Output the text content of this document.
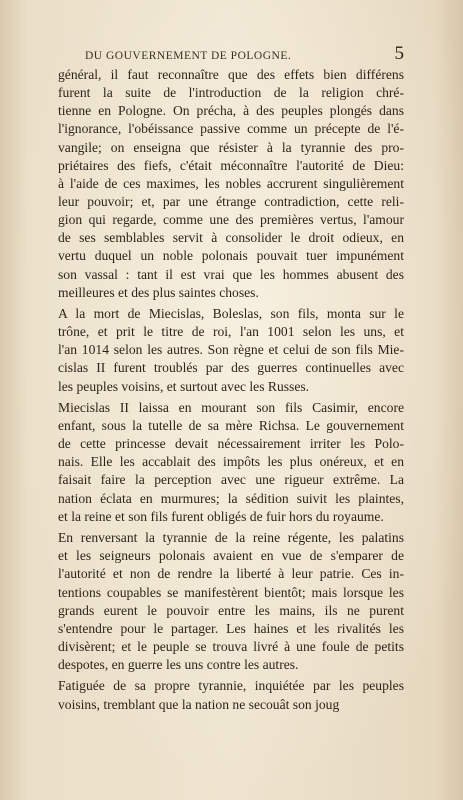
DU GOUVERNEMENT DE POLOGNE.	5
général, il faut reconnaître que des effets bien différens
furent la suite de l'introduction de la religion chré-
tienne en Pologne. On précha, à des peuples plongés dans
l'ignorance, l'obéissance passive comme un précepte de l'é-
vangile; on enseigna que résister à la tyrannie des pro-
priétaires des fiefs, c'était méconnaître l'autorité de Dieu:
à l'aide de ces maximes, les nobles accrurent singulièrement
leur pouvoir; et, par une étrange contradiction, cette reli-
gion qui regarde, comme une des premières vertus, l'amour
de ses semblables servit à consolider le droit odieux, en
vertu duquel un noble polonais pouvait tuer impunément
son vassal : tant il est vrai que les hommes abusent des
meilleures et des plus saintes choses.
A la mort de Miecislas, Boleslas, son fils, monta sur le
trône, et prit le titre de roi, l'an 1001 selon les uns, et
l'an 1014 selon les autres. Son règne et celui de son fils Mie-
cislas II furent troublés par des guerres continuelles avec
les peuples voisins, et surtout avec les Russes.
Miecislas II laissa en mourant son fils Casimir, encore
enfant, sous la tutelle de sa mère Richsa. Le gouvernement
de cette princesse devait nécessairement irriter les Polo-
nais. Elle les accablait des impôts les plus onéreux, et en
faisait faire la perception avec une rigueur extrême. La
nation éclata en murmures; la sédition suivit les plaintes,
et la reine et son fils furent obligés de fuir hors du royaume.
En renversant la tyrannie de la reine régente, les palatins
et les seigneurs polonais avaient en vue de s'emparer de
l'autorité et non de rendre la liberté à leur patrie. Ces in-
tentions coupables se manifestèrent bientôt; mais lorsque les
grands eurent le pouvoir entre les mains, ils ne purent
s'entendre pour le partager. Les haines et les rivalités les
divisèrent; et le peuple se trouva livré à une foule de petits
despotes, en guerre les uns contre les autres.
Fatiguée de sa propre tyrannie, inquiétée par les peuples
voisins, tremblant que la nation ne secouât son joug
